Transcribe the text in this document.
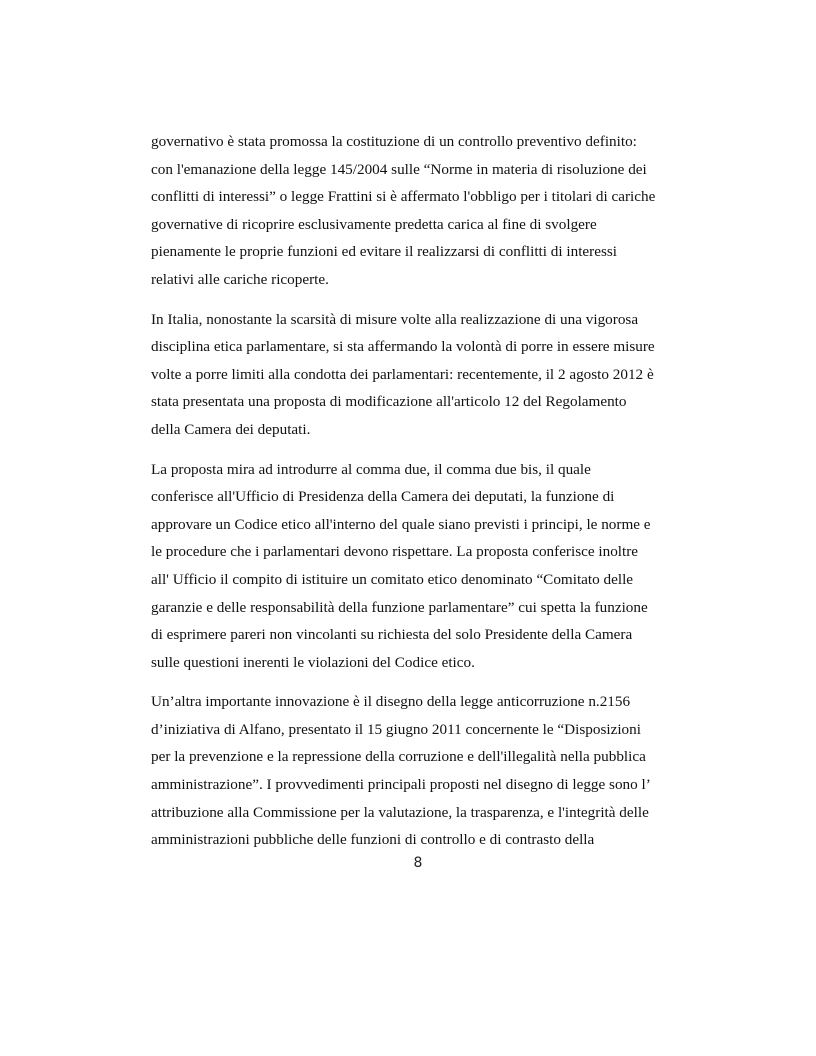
governativo è stata promossa la costituzione di un controllo preventivo definito:
con l'emanazione della legge 145/2004 sulle “Norme in materia di risoluzione dei
conflitti di interessi” o legge Frattini si è affermato l'obbligo per i titolari di cariche
governative di ricoprire esclusivamente predetta carica al fine di svolgere
pienamente le proprie funzioni ed evitare il realizzarsi di conflitti di interessi
relativi alle cariche ricoperte.
In Italia, nonostante la scarsità di misure volte alla realizzazione di una vigorosa
disciplina etica parlamentare, si sta affermando la volontà di porre in essere misure
volte a porre limiti alla condotta dei parlamentari: recentemente, il 2 agosto 2012 è
stata presentata una proposta di modificazione all'articolo 12 del Regolamento
della Camera dei deputati.
La proposta mira ad introdurre al comma due, il comma due bis, il quale
conferisce all'Ufficio di Presidenza della Camera dei deputati, la funzione di
approvare un Codice etico all'interno del quale siano previsti i principi, le norme e
le procedure che i parlamentari devono rispettare. La proposta conferisce inoltre
all' Ufficio il compito di istituire un comitato etico denominato “Comitato delle
garanzie e delle responsabilità della funzione parlamentare” cui spetta la funzione
di esprimere pareri non vincolanti su richiesta del solo Presidente della Camera
sulle questioni inerenti le violazioni del Codice etico.
Un’altra importante innovazione è il disegno della legge anticorruzione n.2156
d’iniziativa di Alfano, presentato il 15 giugno 2011 concernente le “Disposizioni
per la prevenzione e la repressione della corruzione e dell'illegalità nella pubblica
amministrazione”. I provvedimenti principali proposti nel disegno di legge sono l’
attribuzione alla Commissione per la valutazione, la trasparenza, e l'integrità delle
amministrazioni pubbliche delle funzioni di controllo e di contrasto della
8
